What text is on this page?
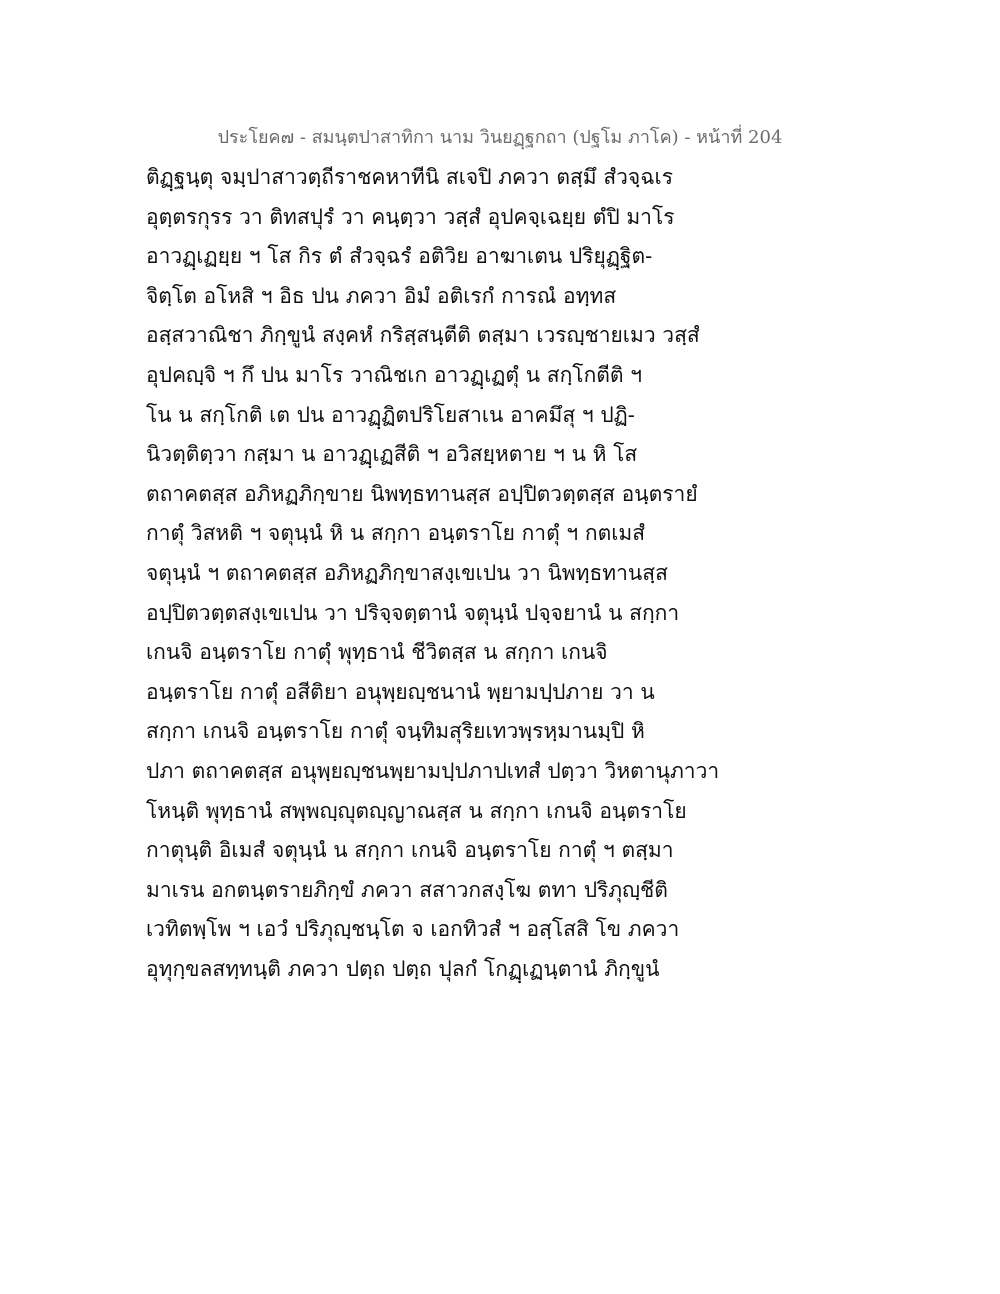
ประโยค๗ - สมนฺตปาสาทิกา นาม วินยฏฺฐกถา (ปฐโม ภาโค) - หน้าที่ 204
ติฏฺฐนฺตุ จมฺปาสาวตฺถีราชคหาทีนิ สเจปิ ภควา ตสฺมึ สํวจฺฉเร
อุตฺตรกุรร วา ติทสปุรํ วา คนฺตฺวา วสฺสํ อุปคจฺเฉยฺย ตํปิ มาโร
อาวฏฺเฏยฺย ฯ โส กิร ตํ สํวจฺฉรํ อติวิย อาฆาเตน ปริยุฏฺฐิต-
จิตฺโต อโหสิ ฯ อิธ ปน ภควา อิมํ อติเรกํ การณํ อทฺทส
อสฺสวาณิชา ภิกฺขูนํ สงฺคหํ กริสฺสนฺตีติ ตสฺมา เวรญฺชายเมว วสฺสํ
อุปคญฺจิ ฯ กึ ปน มาโร วาณิชเก อาวฏฺเฏตุํ น สกฺโกตีติ ฯ
โน น สกฺโกติ เต ปน อาวฏฺฏิตปริโยสาเน อาคมึสุ ฯ ปฏิ-
นิวตฺติตฺวา กสฺมา น อาวฏฺเฏสีติ ฯ อวิสยฺหตาย ฯ น หิ โส
ตถาคตสฺส อภิหฏภิกฺขาย นิพทฺธทานสฺส อปฺปิตวตฺตสฺส อนฺตรายํ
กาตุํ วิสหติ ฯ จตุนฺนํ หิ น สกฺกา อนฺตราโย กาตุํ ฯ กตเมสํ
จตุนฺนํ ฯ ตถาคตสฺส อภิหฏภิกฺขาสงฺเขเปน วา นิพทฺธทานสฺส
อปฺปิตวตฺตสงฺเขเปน วา ปริจฺจตฺตานํ จตุนฺนํ ปจฺจยานํ น สกฺกา
เกนจิ อนฺตราโย กาตุํ พุทฺธานํ ชีวิตสฺส น สกฺกา เกนจิ
อนฺตราโย กาตุํ อสีติยา อนุพฺยญฺชนานํ พฺยามปฺปภาย วา น
สกฺกา เกนจิ อนฺตราโย กาตุํ จนฺทิมสุริยเทวพฺรหฺมานมฺปิ หิ
ปภา ตถาคตสฺส อนุพฺยญฺชนพฺยามปฺปภาปเทสํ ปตฺวา วิหตานุภาวา
โหนฺติ พุทฺธานํ สพฺพญฺญุตญฺญาณสฺส น สกฺกา เกนจิ อนฺตราโย
กาตุนฺติ อิเมสํ จตุนฺนํ น สกฺกา เกนจิ อนฺตราโย กาตุํ ฯ ตสฺมา
มาเรน อกตนฺตรายภิกฺขํ ภควา สสาวกสงฺโฆ ตทา ปริภุญฺชีติ
เวทิตพฺโพ ฯ เอวํ ปริภุญฺชนฺโต จ เอกทิวสํ ฯ อสฺโสสิ โข ภควา
อุทุกฺขลสทฺทนฺติ ภควา ปตฺถ ปตฺถ ปุลกํ โกฏฺเฏนฺตานํ ภิกฺขูนํ
